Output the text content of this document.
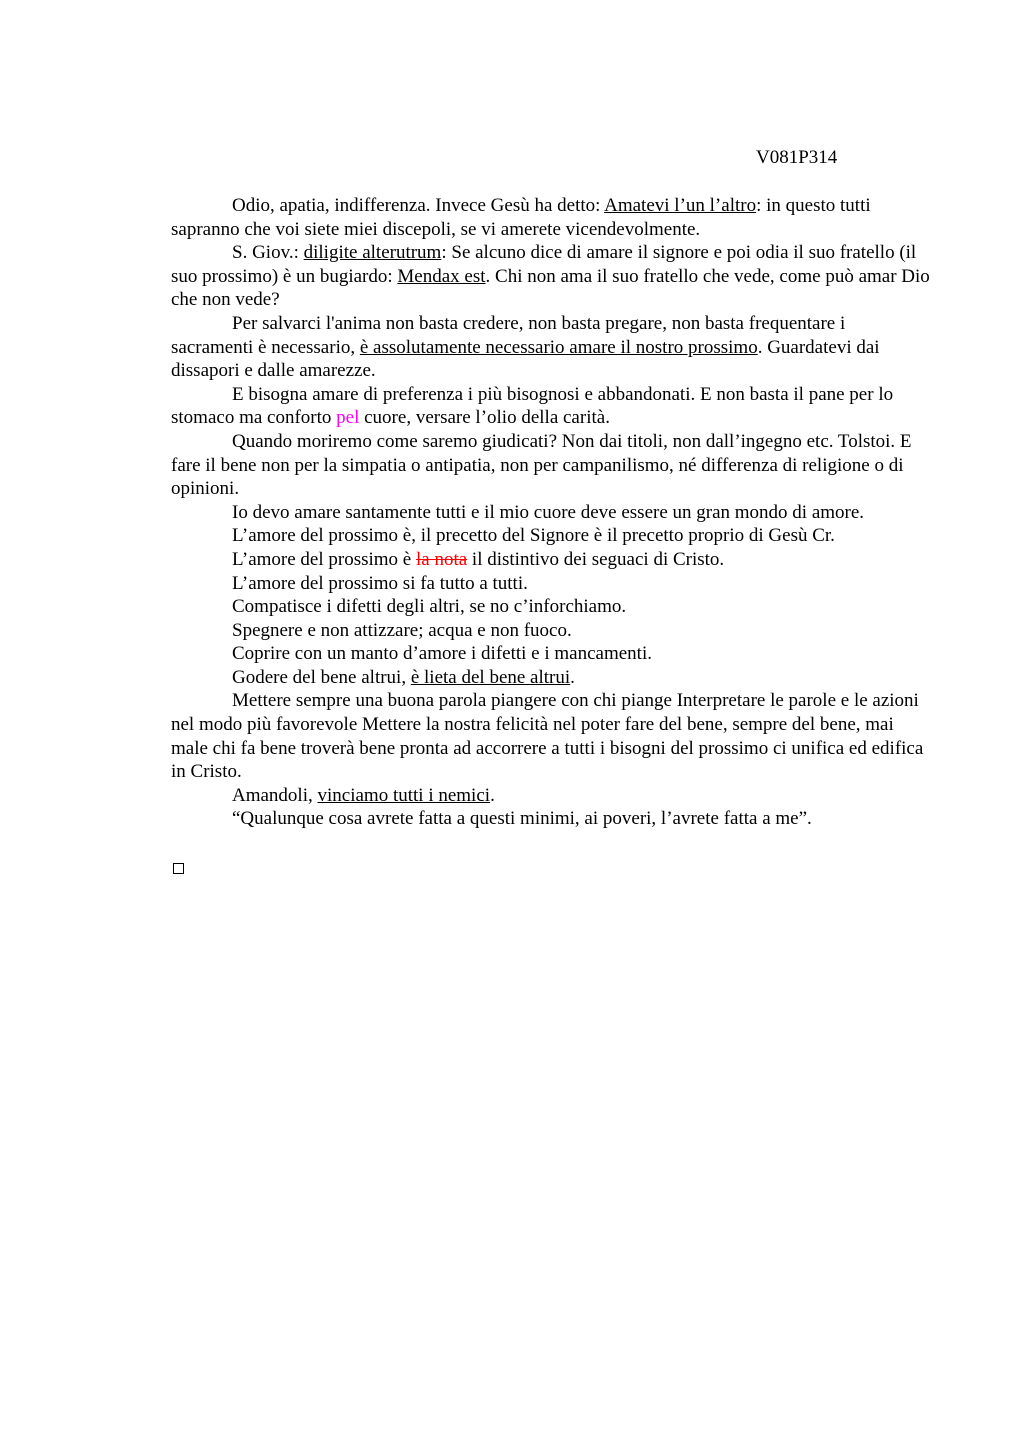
V081P314

Odio, apatia, indifferenza. Invece Gesù ha detto: Amatevi l’un l’altro: in questo tutti sapranno che voi siete miei discepoli, se vi amerete vicendevolmente.

S. Giov.: diligite alterutrum: Se alcuno dice di amare il signore e poi odia il suo fratello (il suo prossimo) è un bugiardo: Mendax est. Chi non ama il suo fratello che vede, come può amar Dio che non vede?

Per salvarci l'anima non basta credere, non basta pregare, non basta frequentare i sacramenti è necessario, è assolutamente necessario amare il nostro prossimo. Guardatevi dai dissapori e dalle amarezze.

E bisogna amare di preferenza i più bisognosi e abbandonati. E non basta il pane per lo stomaco ma conforto pel cuore, versare l’olio della carità.

Quando moriremo come saremo giudicati? Non dai titoli, non dall’ingegno etc. Tolstoi. E fare il bene non per la simpatia o antipatia, non per campanilismo, né differenza di religione o di opinioni.

Io devo amare santamente tutti e il mio cuore deve essere un gran mondo di amore.

L’amore del prossimo è, il precetto del Signore è il precetto proprio di Gesù Cr.

L’amore del prossimo è la nota il distintivo dei seguaci di Cristo.

L’amore del prossimo si fa tutto a tutti.

Compatisce i difetti degli altri, se no c’inforchiamo.

Spegnere e non attizzare; acqua e non fuoco.

Coprire con un manto d’amore i difetti e i mancamenti.

Godere del bene altrui, è lieta del bene altrui.

Mettere sempre una buona parola piangere con chi piange Interpretare le parole e le azioni nel modo più favorevole Mettere la nostra felicità nel poter fare del bene, sempre del bene, mai male chi fa bene troverà bene pronta ad accorrere a tutti i bisogni del prossimo ci unifica ed edifica in Cristo.

Amandoli, vinciamo tutti i nemici.

“Qualunque cosa avrete fatta a questi minimi, ai poveri, l’avrete fatta a me”.
